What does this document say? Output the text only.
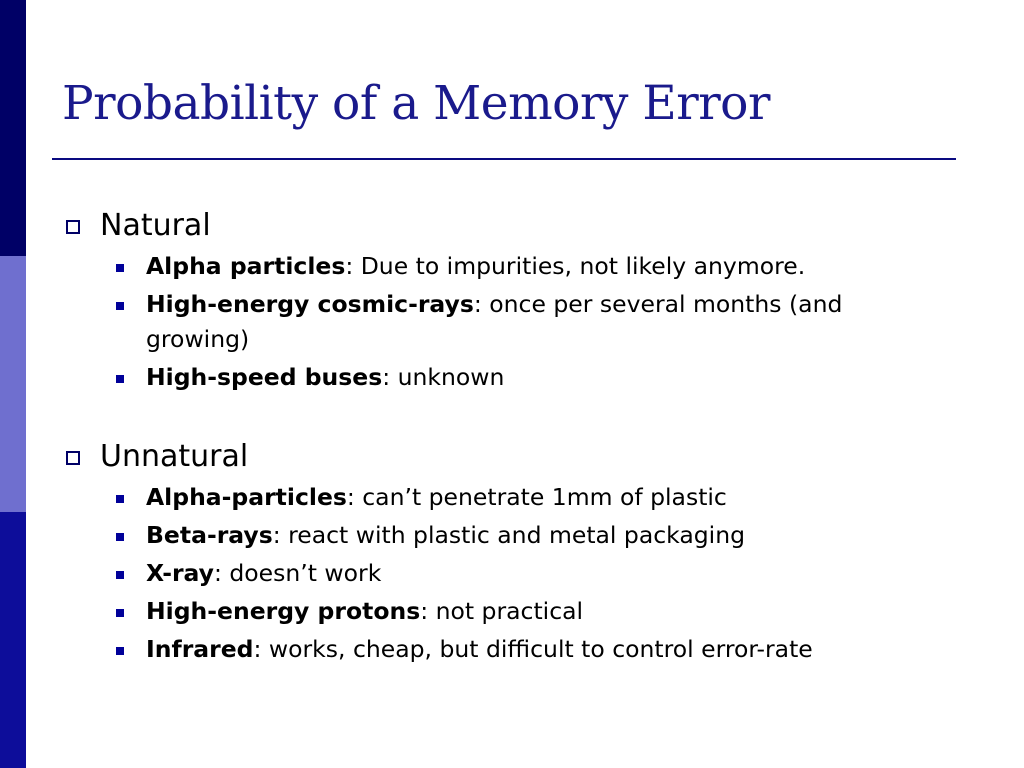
Probability of a Memory Error
Natural
Alpha particles: Due to impurities, not likely anymore.
High-energy cosmic-rays: once per several months (and growing)
High-speed buses: unknown
Unnatural
Alpha-particles: can’t penetrate 1mm of plastic
Beta-rays: react with plastic and metal packaging
X-ray: doesn’t work
High-energy protons: not practical
Infrared: works, cheap, but difficult to control error-rate
